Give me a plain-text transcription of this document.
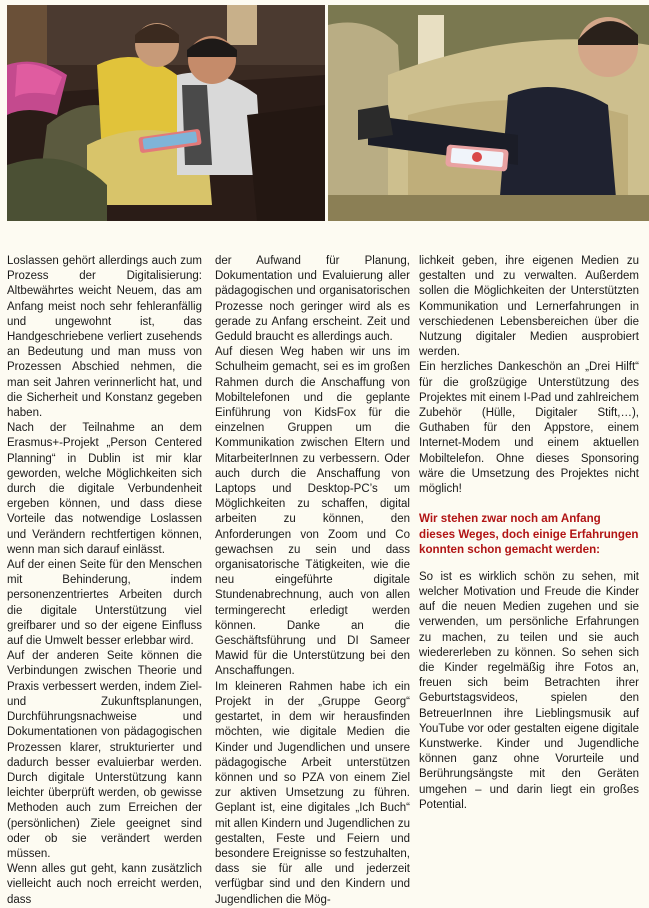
Loslassen gehört allerdings auch zum Prozess der Digitalisierung: Altbewährtes weicht Neuem, das am Anfang meist noch sehr fehleranfällig und ungewohnt ist, das Handgeschriebene verliert zusehends an Bedeutung und man muss von Prozessen Abschied nehmen, die man seit Jahren verinnerlicht hat, und die Sicherheit und Konstanz gegeben haben.

Nach der Teilnahme an dem Erasmus+-Projekt „Person Centered Planning“ in Dublin ist mir klar geworden, welche Möglichkeiten sich durch die digitale Verbundenheit ergeben können, und dass diese Vorteile das notwendige Loslassen und Verändern rechtfertigen können, wenn man sich darauf einlässt.

Auf der einen Seite für den Menschen mit Behinderung, indem personenzentriertes Arbeiten durch die digitale Unterstützung viel greifbarer und so der eigene Einfluss auf die Umwelt besser erlebbar wird.

Auf der anderen Seite können die Verbindungen zwischen Theorie und Praxis verbessert werden, indem Ziel- und Zukunftsplanungen, Durchführungsnachweise und Dokumentationen von pädagogischen Prozessen klarer, strukturierter und dadurch besser evaluierbar werden. Durch digitale Unterstützung kann leichter überprüft werden, ob gewisse Methoden auch zum Erreichen der (persönlichen) Ziele geeignet sind oder ob sie verändert werden müssen.

Wenn alles gut geht, kann zusätzlich vielleicht auch noch erreicht werden, dass

der Aufwand für Planung, Dokumentation und Evaluierung aller pädagogischen und organisatorischen Prozesse noch geringer wird als es gerade zu Anfang erscheint. Zeit und Geduld braucht es allerdings auch.

Auf diesen Weg haben wir uns im Schulheim gemacht, sei es im großen Rahmen durch die Anschaffung von Mobiltelefonen und die geplante Einführung von KidsFox für die einzelnen Gruppen um die Kommunikation zwischen Eltern und MitarbeiterInnen zu verbessern. Oder auch durch die Anschaffung von Laptops und Desktop-PC’s um Möglichkeiten zu schaffen, digital arbeiten zu können, den Anforderungen von Zoom und Co gewachsen zu sein und dass organisatorische Tätigkeiten, wie die neu eingeführte digitale Stundenabrechnung, auch von allen termingerecht erledigt werden können. Danke an die Geschäftsführung und DI Sameer Mawid für die Unterstützung bei den Anschaffungen.

Im kleineren Rahmen habe ich ein Projekt in der „Gruppe Georg“ gestartet, in dem wir herausfinden möchten, wie digitale Medien die Kinder und Jugendlichen und unsere pädagogische Arbeit unterstützen können und so PZA von einem Ziel zur aktiven Umsetzung zu führen. Geplant ist, eine digitales „Ich Buch“ mit allen Kindern und Jugendlichen zu gestalten, Feste und Feiern und besondere Ereignisse so festzuhalten, dass sie für alle und jederzeit verfügbar sind und den Kindern und Jugendlichen die Mög-

lichkeit geben, ihre eigenen Medien zu gestalten und zu verwalten. Außerdem sollen die Möglichkeiten der Unterstützten Kommunikation und Lernerfahrungen in verschiedenen Lebensbereichen über die Nutzung digitaler Medien ausprobiert werden.

Ein herzliches Dankeschön an „Drei Hilft“ für die großzügige Unterstützung des Projektes mit einem I-Pad und zahlreichem Zubehör (Hülle, Digitaler Stift,…), Guthaben für den Appstore, einem Internet-Modem und einem aktuellen Mobiltelefon. Ohne dieses Sponsoring wäre die Umsetzung des Projektes nicht möglich!

Wir stehen zwar noch am Anfang dieses Weges, doch einige Erfahrungen konnten schon gemacht werden:

So ist es wirklich schön zu sehen, mit welcher Motivation und Freude die Kinder auf die neuen Medien zugehen und sie verwenden, um persönliche Erfahrungen zu machen, zu teilen und sie auch wiedererleben zu können. So sehen sich die Kinder regelmäßig ihre Fotos an, freuen sich beim Betrachten ihrer Geburtstagsvideos, spielen den BetreuerInnen ihre Lieblingsmusik auf YouTube vor oder gestalten eigene digitale Kunstwerke. Kinder und Jugendliche können ganz ohne Vorurteile und Berührungsängste mit den Geräten umgehen – und darin liegt ein großes Potential.
